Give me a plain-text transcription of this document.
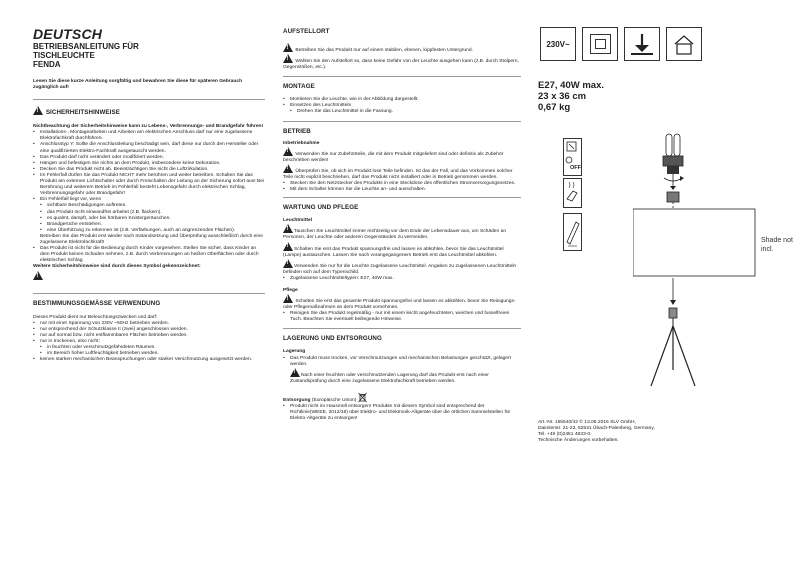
DEUTSCH
BETRIEBSANLEITUNG FÜR
TISCHLEUCHTE
FENDA

Lesen Sie diese kurze Anleitung sorgfältig und bewahren Sie diese für späteren Gebrauch zugänglich auf!

! SICHERHEITSHINWEISE

Nichtbeachtung der Sicherheitshinweise kann zu Lebens-, Verbrennungs- und Brandgefahr führen!

• Installations-, Montagearbeiten und Arbeiten am elektrischen Anschluss darf nur eine zugelassene Elektrofachkraft durchführen.
• Anschlusstyp Y: Sollte die Anschlussleitung beschädigt sein, darf diese nur durch den Hersteller oder eine qualifizierten Elektro-Fachkraft ausgetauscht werden.
• Das Produkt darf nicht verändert oder modifiziert werden.
• Hängen und befestigen Sie nichts an dem Produkt, insbesondere keine Dekoration.
• Decken Sie das Produkt nicht ab. Beeinträchtigen Sie nicht die Luftzirkulation.
• Im Fehlerfall dürfen Sie das Produkt NICHT mehr berühren und weiter betreiben. Schalten Sie das Produkt am externen Lichtschalter oder durch Freischalten der Leitung an der Sicherung sofort aus! Bei Berührung und weiterem Betrieb im Fehlerfall besteht Lebensgefahr durch elektrischen Schlag, Verbrennungsgefahr oder Brandgefahr!
• Ein Fehlerfall liegt vor, wenn
• sichtbare Beschädigungen auftreten.
• das Produkt nicht einwandfrei arbeitet (z.B. flackern).
• es qualmt, dampft, oder bei hörbaren Knistergeräuschen.
• Brandgerüche entstehen.
• eine Überhitzung zu erkennen ist (z.B. Verfärbungen, auch an angrenzenden Flächen).

Betreiben Sie das Produkt erst wieder nach Instandsetzung und Überprüfung ausschließlich durch eine zugelassene Elektrofachkraft!

• Das Produkt ist nicht für die Bedienung durch Kinder vorgesehen. Stellen Sie sicher, dass Kinder an dem Produkt keinen Schaden nehmen, z.B. durch Verbrennungen an heißen Oberflächen oder durch elektrischen Schlag.

Weitere Sicherheitshinweise sind durch dieses Symbol gekennzeichnet:

!.
BESTIMMUNGSGEMÄSSE VERWENDUNG

Dieses Produkt dient nur Beleuchtungszwecken und darf:

• nur mit einer Spannung von 230V ~50Hz betrieben werden.
• nur entsprechend der Schutzklasse II (zwei) angeschlossen werden.
• nur auf normal bzw. nicht entflammbaren Flächen betrieben werden.
• nur in trockenen, also nicht:
• in feuchten oder verschmutzgefährdeten Räumen.
• im Bereich hoher Luftfeuchtigkeit betrieben werden.
• keinen starken mechanischen Beanspruchungen oder starker Verschmutzung ausgesetzt werden.
AUFSTELLORT

! Betreiben Sie das Produkt nur auf einem stabilen, ebenen, kippfesten Untergrund.

! Wählen Sie den Aufstellort so, dass keine Gefahr von der Leuchte ausgehen kann (z.B. durch Stolpern, Gegenstößen, etc.).

MONTAGE
• Montieren Sie die Leuchte, wie in der Abbildung dargestellt.
• Einsetzen des Leuchtmittels
• Drehen Sie das Leuchtmittel in die Fassung.
BETRIEB

Inbetriebnahme

! Verwenden Sie nur Zubehörteile, die mit dem Produkt mitgeliefert sind oder definitiv als Zubehör beschrieben werden!

! Überprüfen Sie, ob sich im Produkt lose Teile befinden. Ist das der Fall, und das Vorkommen solcher Teile nicht explizit beschrieben, darf das Produkt nicht installiert oder in Betrieb genommen werden.

• Stecken Sie den Netzstecker des Produkts in eine Steckdose des öffentlichen Stromversorgungsnetzes.
• Mit dem Schalter können Sie die Leuchte an- und ausschalten.
WARTUNG UND PFLEGE

Leuchtmittel

!Tauschen Sie Leuchtmittel immer rechtzeitig vor dem Ende der Lebensdauer aus, um Schäden an Personen, der Leuchte oder anderen Gegenständen zu vermeiden.

!Schalten Sie erst das Produkt spannungsfrei und lassen es abkühlen, bevor Sie das Leuchtmittel (Lampe) austauschen. Lassen Sie nach vorangegangenem Betrieb erst das Leuchtmittel abkühlen.

!Verwenden Sie nur für die Leuchte zugelassene Leuchtmittel. Angaben zu zugelassenen Leuchtmitteln befinden sich auf dem Typenschild.

• Zugelassene Leuchtmitteltypen: E27, 40W max.

Pflege

! Schalten Sie erst das gesamte Produkt spannungsfrei und lassen es abkühlen, bevor Sie Reinigungs- oder Pflegemaßnahmen an dem Produkt vornehmen.

• Reinigen Sie das Produkt regelmäßig - nur mit einem leicht angefeuchteten, weichen und fusselfreien Tuch. Beachten Sie eventuell beiliegende Hinweise.
LAGERUNG UND ENTSORGUNG

Lagerung

• Das Produkt muss trocken, vor Verschmutzungen und mechanischen Belastungen geschützt, gelagert werden.

!Nach einer feuchten oder verschmutzenden Lagerung darf das Produkt erst nach einer Zustandsprüfung durch eine zugelassene Elektrofachkraft betrieben werden.

Entsorgung (Europäische Union)

• Produkt nicht im Hausmüll entsorgen! Produkte mit diesem Symbol sind entsprechend der Richtlinie(WEEE, 2012/19) über Elektro- und Elektronik-Altgeräte über die örtlichen Sammelstellen für Elektro-Altgeräte zu entsorgen!
230V~
E27, 40W max.
23 x 36 cm
0,67 kg
OFF
Shade not incl.

Art.-Nr. 155540/42 © 13.06.2016 SLV GmbH,

Daimlerstr. 21-23, 52531 Übach-Palenberg, Germany,

Tel. +49 (0)2451 4833-0.

Technische Änderungen vorbehalten.
